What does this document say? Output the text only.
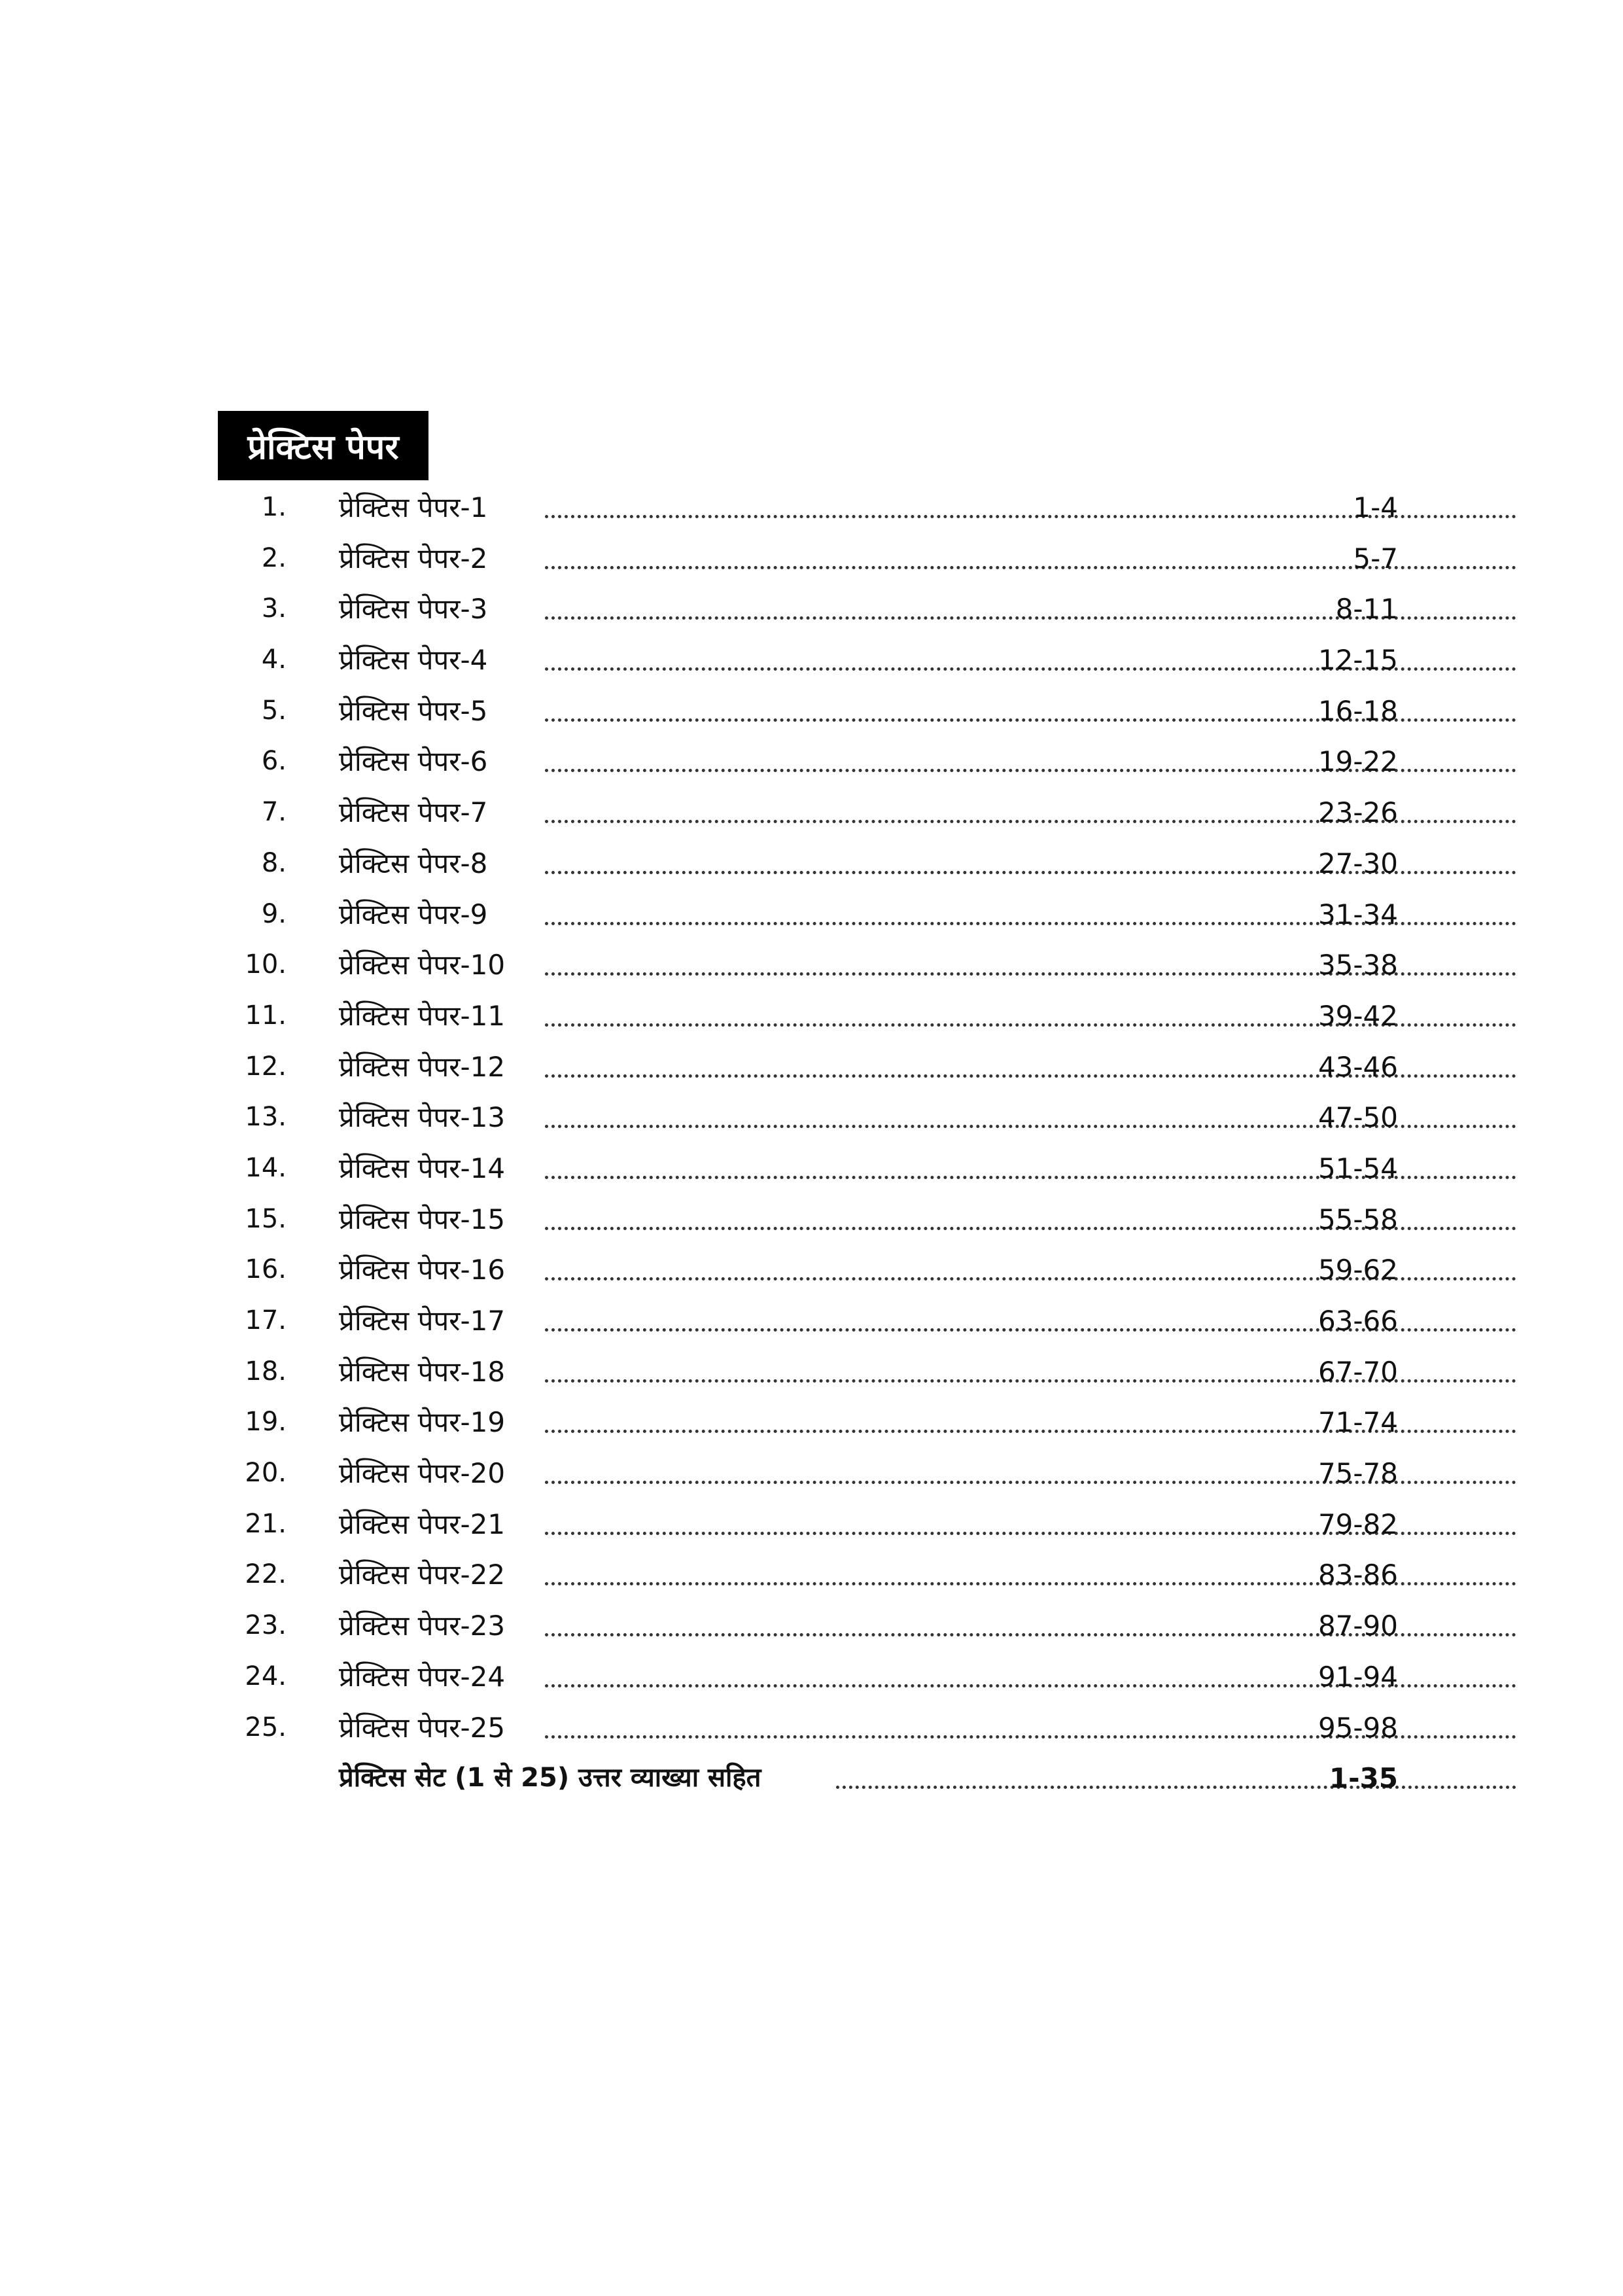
प्रेक्टिस पेपर
1. प्रेक्टिस पेपर-1	1-4
2. प्रेक्टिस पेपर-2	5-7
3. प्रेक्टिस पेपर-3	8-11
4. प्रेक्टिस पेपर-4	12-15
5. प्रेक्टिस पेपर-5	16-18
6. प्रेक्टिस पेपर-6	19-22
7. प्रेक्टिस पेपर-7	23-26
8. प्रेक्टिस पेपर-8	27-30
9. प्रेक्टिस पेपर-9	31-34
10. प्रेक्टिस पेपर-10	35-38
11. प्रेक्टिस पेपर-11	39-42
12. प्रेक्टिस पेपर-12	43-46
13. प्रेक्टिस पेपर-13	47-50
14. प्रेक्टिस पेपर-14	51-54
15. प्रेक्टिस पेपर-15	55-58
16. प्रेक्टिस पेपर-16	59-62
17. प्रेक्टिस पेपर-17	63-66
18. प्रेक्टिस पेपर-18	67-70
19. प्रेक्टिस पेपर-19	71-74
20. प्रेक्टिस पेपर-20	75-78
21. प्रेक्टिस पेपर-21	79-82
22. प्रेक्टिस पेपर-22	83-86
23. प्रेक्टिस पेपर-23	87-90
24. प्रेक्टिस पेपर-24	91-94
25. प्रेक्टिस पेपर-25	95-98
प्रेक्टिस सेट (1 से 25) उत्तर व्याख्या सहित	1-35
